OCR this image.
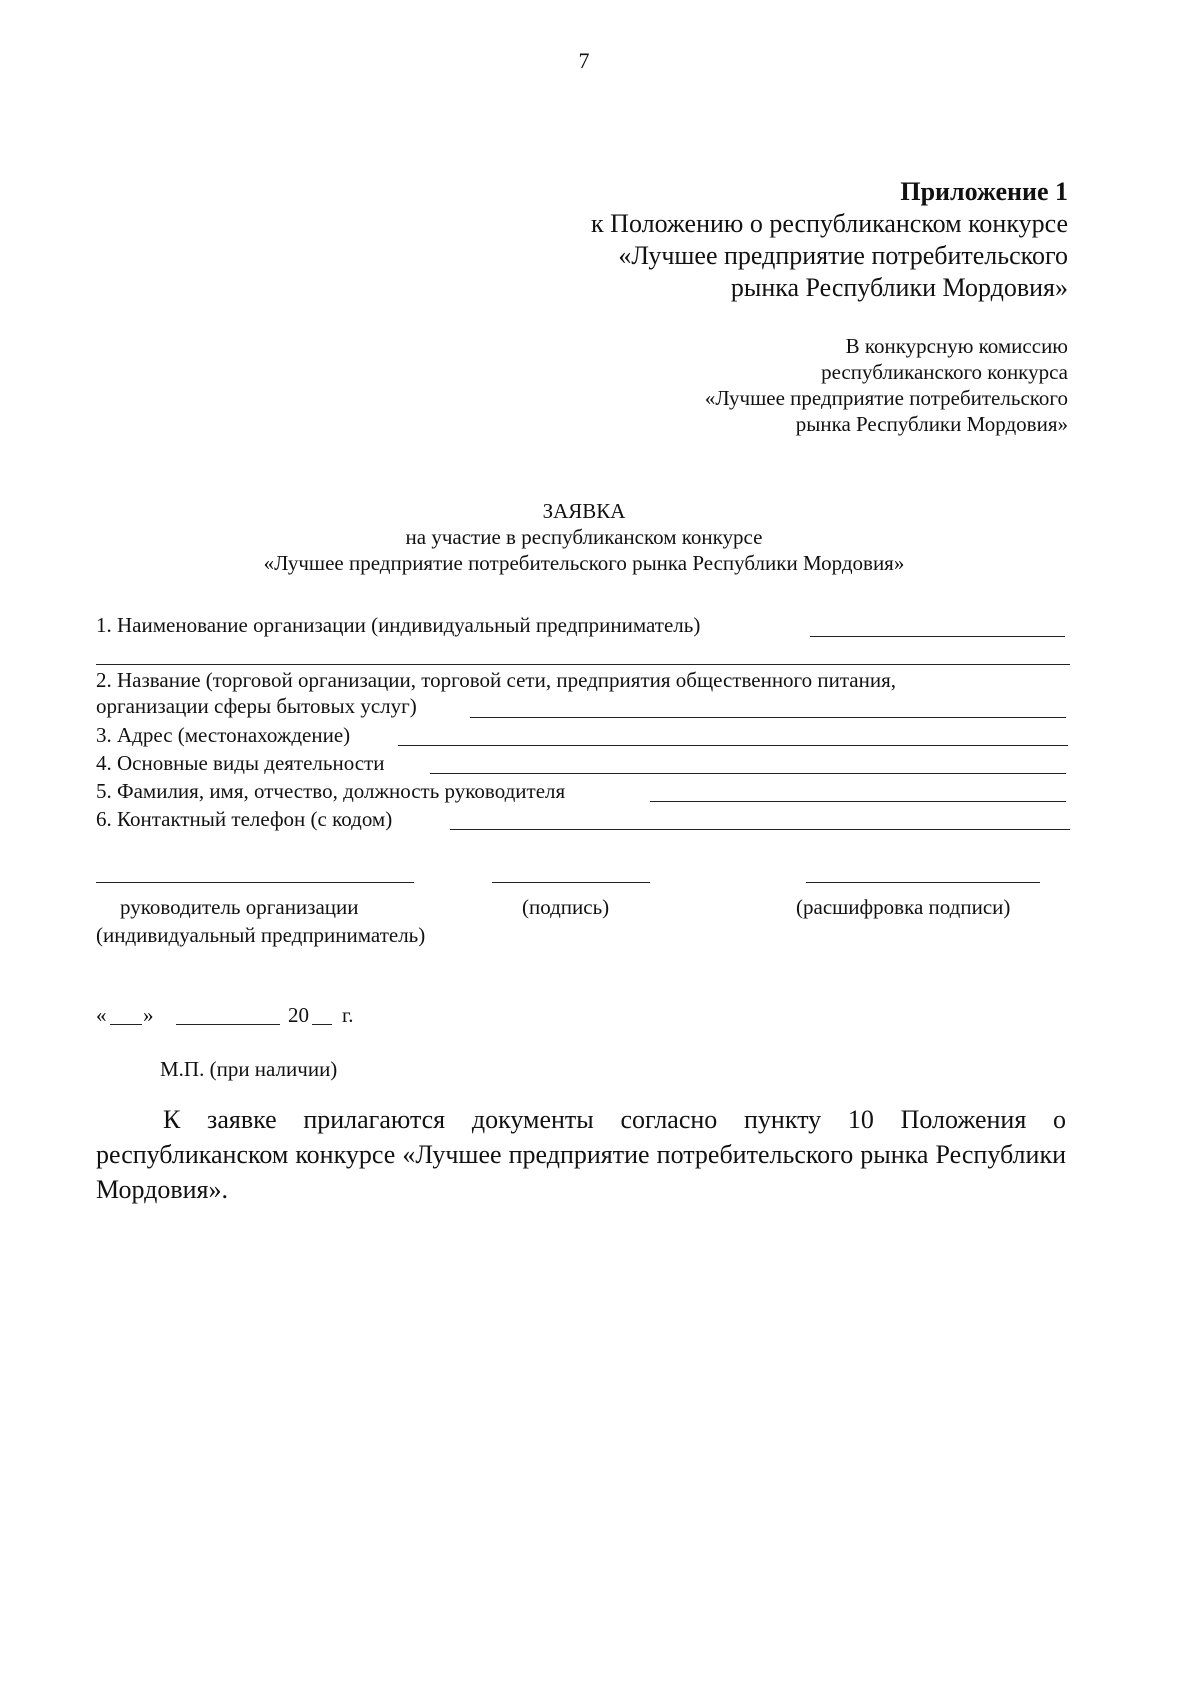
7
Приложение 1
к Положению о республиканском конкурсе
«Лучшее предприятие потребительского
рынка Республики Мордовия»
В конкурсную комиссию
республиканского конкурса
«Лучшее предприятие потребительского
рынка Республики Мордовия»
ЗАЯВКА
на участие в республиканском конкурсе
«Лучшее предприятие потребительского рынка Республики Мордовия»
1. Наименование организации (индивидуальный предприниматель)
2. Название (торговой организации, торговой сети, предприятия общественного питания,
организации сферы бытовых услуг)
3. Адрес (местонахождение)
4. Основные виды деятельности
5. Фамилия, имя, отчество, должность руководителя
6. Контактный телефон (с кодом)
руководитель организации
(индивидуальный предприниматель)
(подпись)	(расшифровка подписи)
« »	20 г.
М.П. (при наличии)
К заявке прилагаются документы согласно пункту 10 Положения о республиканском конкурсе «Лучшее предприятие потребительского рынка Республики Мордовия».
